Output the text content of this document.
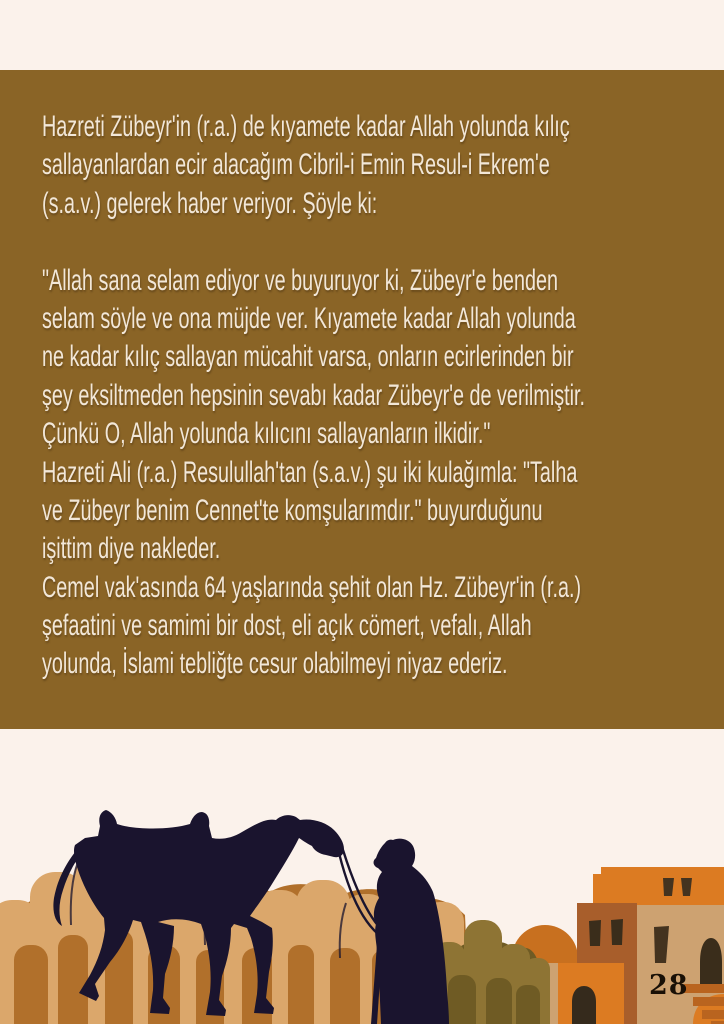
Hazreti Zübeyr'in (r.a.) de kıyamete kadar Allah yolunda kılıç
sallayanlardan ecir alacağım Cibril-i Emin Resul-i Ekrem'e
(s.a.v.) gelerek haber veriyor. Şöyle ki:
"Allah sana selam ediyor ve buyuruyor ki, Zübeyr'e benden
selam söyle ve ona müjde ver. Kıyamete kadar Allah yolunda
ne kadar kılıç sallayan mücahit varsa, onların ecirlerinden bir
şey eksiltmeden hepsinin sevabı kadar Zübeyr'e de verilmiştir.
Çünkü O, Allah yolunda kılıcını sallayanların ilkidir."
Hazreti Ali (r.a.) Resulullah'tan (s.a.v.) şu iki kulağımla: "Talha
ve Zübeyr benim Cennet'te komşularımdır." buyurduğunu
işittim diye nakleder.
Cemel vak'asında 64 yaşlarında şehit olan Hz. Zübeyr'in (r.a.)
şefaatini ve samimi bir dost, eli açık cömert, vefalı, Allah
yolunda, İslami tebliğte cesur olabilmeyi niyaz ederiz.
28
